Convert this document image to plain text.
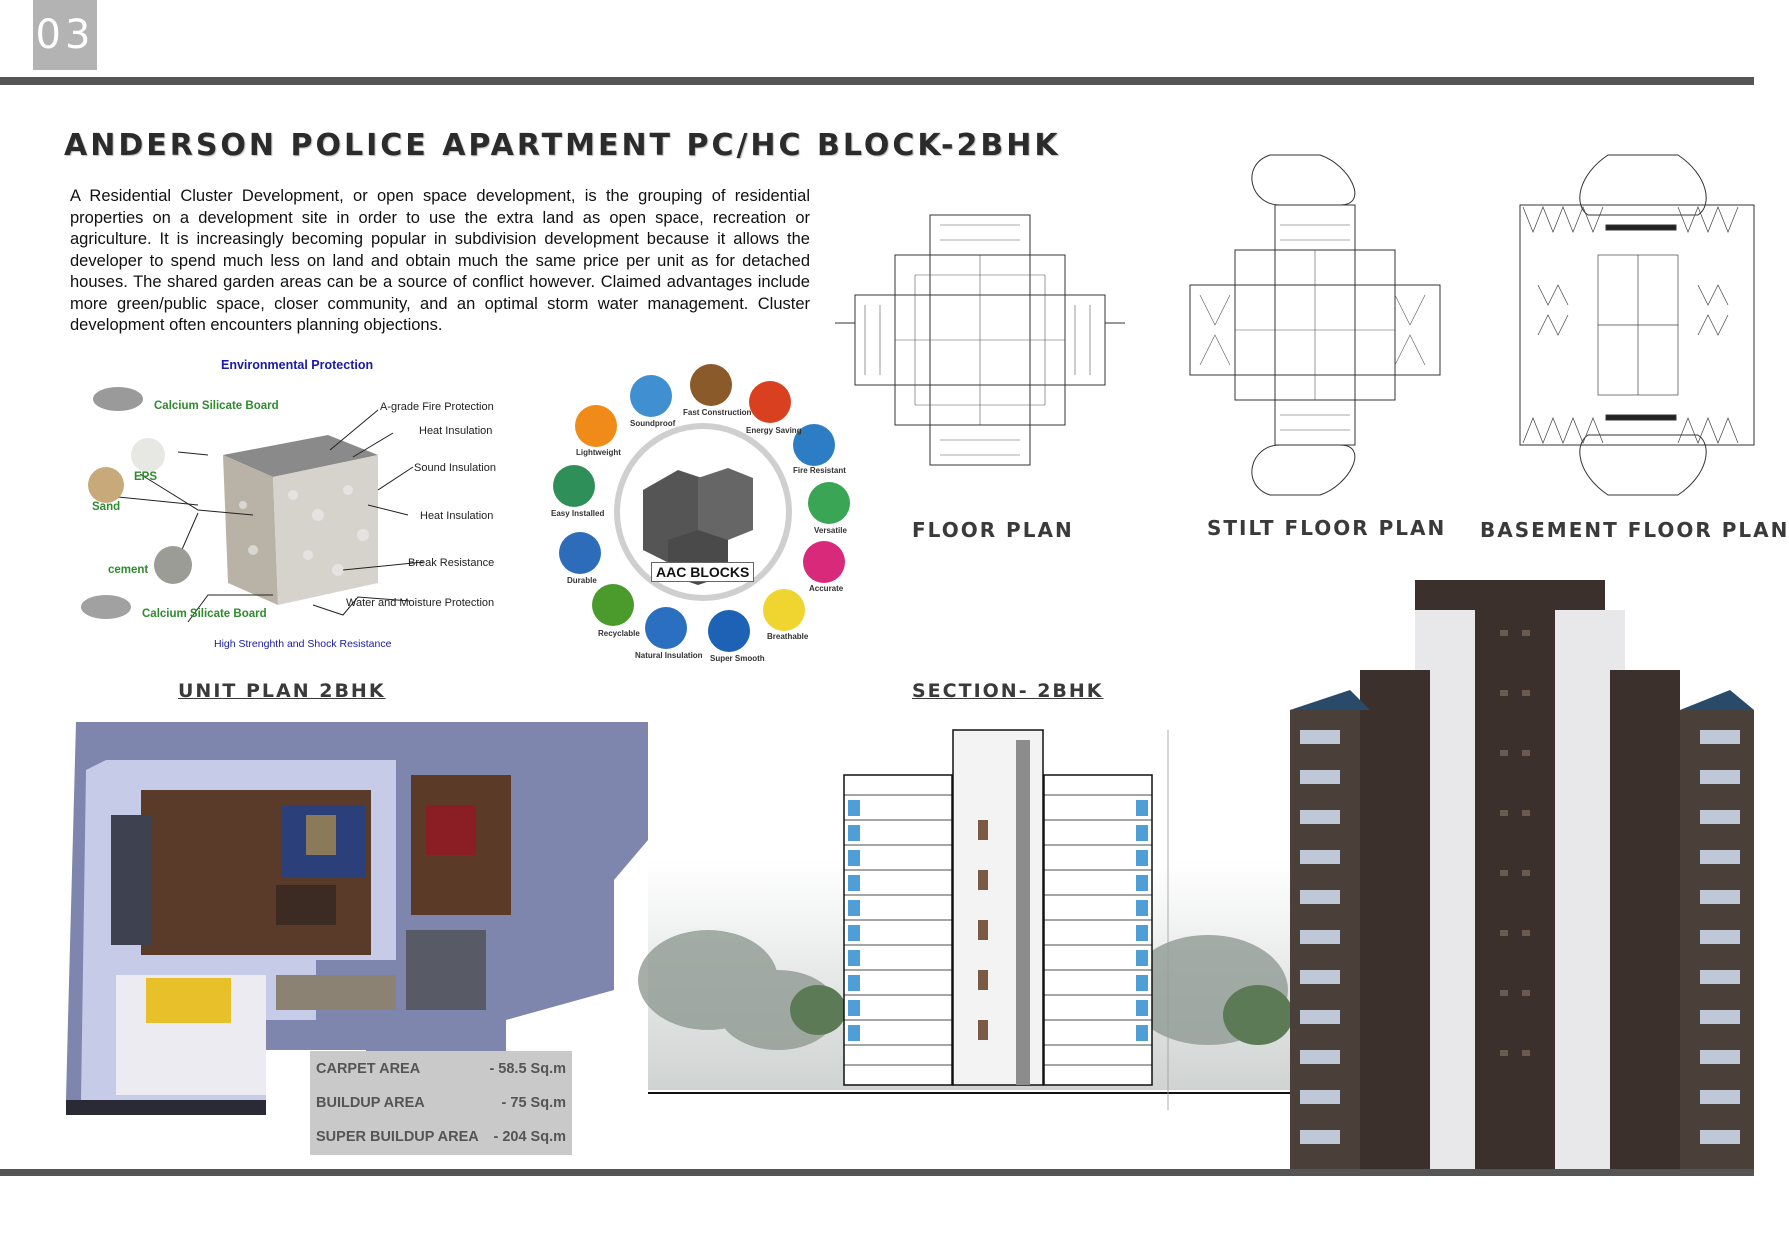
03
ANDERSON POLICE APARTMENT PC/HC BLOCK-2BHK

A Residential Cluster Development, or open space development, is the grouping of residential properties on a development site in order to use the extra land as open space, recreation or agriculture. It is increasingly becoming popular in subdivision development because it allows the developer to spend much less on land and obtain much the same price per unit as for detached houses. The shared garden areas can be a source of conflict however. Claimed advantages include more green/public space, closer community, and an optimal storm water management. Cluster development often encounters planning objections.

Environmental Protection
Calcium Silicate Board
EPS
Sand
cement
Calcium Silicate Board
A-grade Fire Protection
Heat Insulation
Sound Insulation
Heat Insulation
Break Resistance
Water and Moisture Protection
High Strenghth and Shock Resistance
AAC BLOCKS
Soundproof
Fast Construction
Energy Saving
Fire Resistant
Versatile
Accurate
Breathable
Super Smooth
Natural Insulation
Recyclable
Durable
Easy Installed
Lightweight
FLOOR PLAN	STILT FLOOR PLAN BASEMENT FLOOR PLAN
UNIT PLAN 2BHK	SECTION- 2BHK
CARPET AREA	- 58.5 Sq.m
BUILDUP AREA	- 75 Sq.m
SUPER BUILDUP AREA - 204 Sq.m
